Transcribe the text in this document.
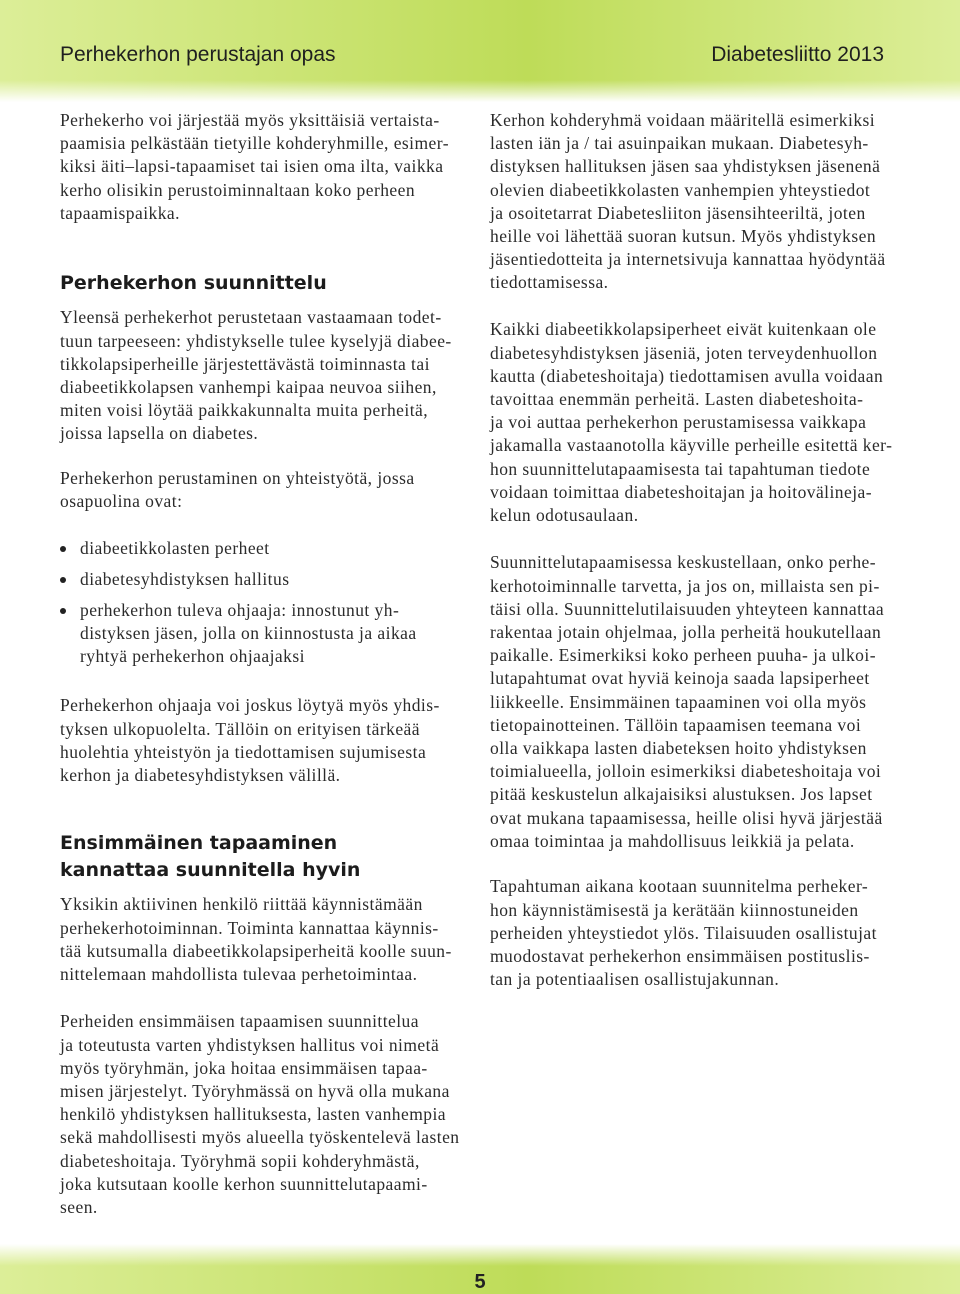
Perhekerhon perustajan opas	Diabetesliitto 2013

Perhekerho voi järjestää myös yksittäisiä vertaista-
paamisia pelkästään tietyille kohderyhmille, esimer-
kiksi äiti–lapsi-tapaamiset tai isien oma ilta, vaikka
kerho olisikin perustoiminnaltaan koko perheen
tapaamispaikka.

Perhekerhon suunnittelu

Yleensä perhekerhot perustetaan vastaamaan todet-
tuun tarpeeseen: yhdistykselle tulee kyselyjä diabee-
tikkolapsiperheille järjestettävästä toiminnasta tai
diabeetikkolapsen vanhempi kaipaa neuvoa siihen,
miten voisi löytää paikkakunnalta muita perheitä,
joissa lapsella on diabetes.

Perhekerhon perustaminen on yhteistyötä, jossa
osapuolina ovat:

diabeetikkolasten perheet
diabetesyhdistyksen hallitus
perhekerhon tuleva ohjaaja: innostunut yh-
distyksen jäsen, jolla on kiinnostusta ja aikaa
ryhtyä perhekerhon ohjaajaksi

Perhekerhon ohjaaja voi joskus löytyä myös yhdis-
tyksen ulkopuolelta. Tällöin on erityisen tärkeää
huolehtia yhteistyön ja tiedottamisen sujumisesta
kerhon ja diabetesyhdistyksen välillä.

Ensimmäinen tapaaminen
kannattaa suunnitella hyvin

Yksikin aktiivinen henkilö riittää käynnistämään
perhekerhotoiminnan. Toiminta kannattaa käynnis-
tää kutsumalla diabeetikkolapsiperheitä koolle suun-
nittelemaan mahdollista tulevaa perhetoimintaa.

Perheiden ensimmäisen tapaamisen suunnittelua
ja toteutusta varten yhdistyksen hallitus voi nimetä
myös työryhmän, joka hoitaa ensimmäisen tapaa-
misen järjestelyt. Työryhmässä on hyvä olla mukana
henkilö yhdistyksen hallituksesta, lasten vanhempia
sekä mahdollisesti myös alueella työskentelevä lasten
diabeteshoitaja. Työryhmä sopii kohderyhmästä,
joka kutsutaan koolle kerhon suunnittelutapaami-
seen.

Kerhon kohderyhmä voidaan määritellä esimerkiksi
lasten iän ja / tai asuinpaikan mukaan. Diabetesyh-
distyksen hallituksen jäsen saa yhdistyksen jäsenenä
olevien diabeetikkolasten vanhempien yhteystiedot
ja osoitetarrat Diabetesliiton jäsensihteeriltä, joten
heille voi lähettää suoran kutsun. Myös yhdistyksen
jäsentiedotteita ja internetsivuja kannattaa hyödyntää
tiedottamisessa.

Kaikki diabeetikkolapsiperheet eivät kuitenkaan ole
diabetesyhdistyksen jäseniä, joten terveydenhuollon
kautta (diabeteshoitaja) tiedottamisen avulla voidaan
tavoittaa enemmän perheitä. Lasten diabeteshoita-
ja voi auttaa perhekerhon perustamisessa vaikkapa
jakamalla vastaanotolla käyville perheille esitettä ker-
hon suunnittelutapaamisesta tai tapahtuman tiedote
voidaan toimittaa diabeteshoitajan ja hoitovälineja-
kelun odotusaulaan.

Suunnittelutapaamisessa keskustellaan, onko perhe-
kerhotoiminnalle tarvetta, ja jos on, millaista sen pi-
täisi olla. Suunnittelutilaisuuden yhteyteen kannattaa
rakentaa jotain ohjelmaa, jolla perheitä houkutellaan
paikalle. Esimerkiksi koko perheen puuha- ja ulkoi-
lutapahtumat ovat hyviä keinoja saada lapsiperheet
liikkeelle. Ensimmäinen tapaaminen voi olla myös
tietopainotteinen. Tällöin tapaamisen teemana voi
olla vaikkapa lasten diabeteksen hoito yhdistyksen
toimialueella, jolloin esimerkiksi diabeteshoitaja voi
pitää keskustelun alkajaisiksi alustuksen. Jos lapset
ovat mukana tapaamisessa, heille olisi hyvä järjestää
omaa toimintaa ja mahdollisuus leikkiä ja pelata.

Tapahtuman aikana kootaan suunnitelma perheker-
hon käynnistämisestä ja kerätään kiinnostuneiden
perheiden yhteystiedot ylös. Tilaisuuden osallistujat
muodostavat perhekerhon ensimmäisen postituslis-
tan ja potentiaalisen osallistujakunnan.

5
